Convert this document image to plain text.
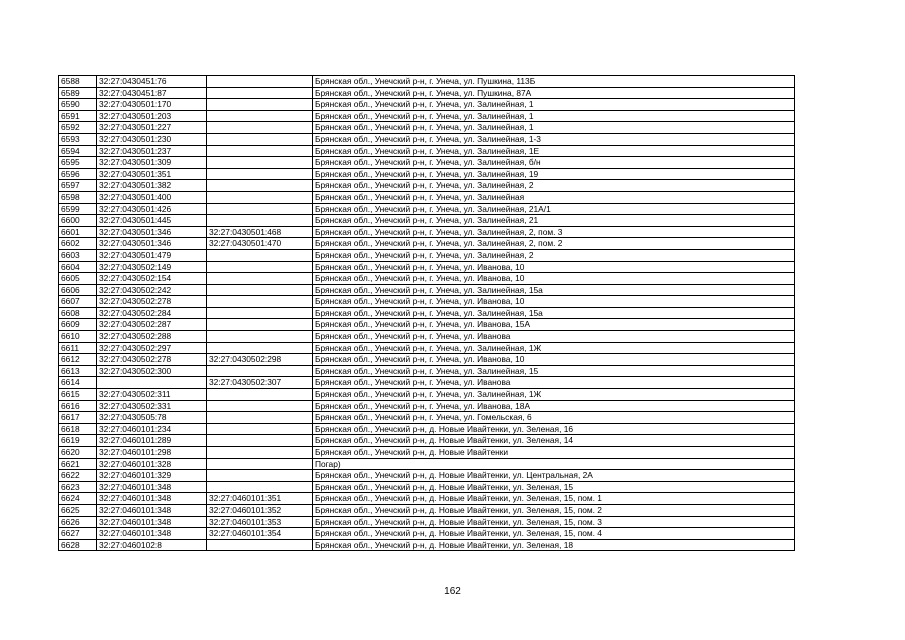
6588	32:27:0430451:76		Брянская обл., Унечский р-н, г. Унеча, ул. Пушкина, 113Б
6589	32:27:0430451:87		Брянская обл., Унечский р-н, г. Унеча, ул. Пушкина, 87А
6590	32:27:0430501:170		Брянская обл., Унечский р-н, г. Унеча, ул. Залинейная, 1
6591	32:27:0430501:203		Брянская обл., Унечский р-н, г. Унеча, ул. Залинейная, 1
6592	32:27:0430501:227		Брянская обл., Унечский р-н, г. Унеча, ул. Залинейная, 1
6593	32:27:0430501:230		Брянская обл., Унечский р-н, г. Унеча, ул. Залинейная, 1-3
6594	32:27:0430501:237		Брянская обл., Унечский р-н, г. Унеча, ул. Залинейная, 1Е
6595	32:27:0430501:309		Брянская обл., Унечский р-н, г. Унеча, ул. Залинейная, б/н
6596	32:27:0430501:351		Брянская обл., Унечский р-н, г. Унеча, ул. Залинейная, 19
6597	32:27:0430501:382		Брянская обл., Унечский р-н, г. Унеча, ул. Залинейная, 2
6598	32:27:0430501:400		Брянская обл., Унечский р-н, г. Унеча, ул. Залинейная
6599	32:27:0430501:426		Брянская обл., Унечский р-н, г. Унеча, ул. Залинейная, 21А/1
6600	32:27:0430501:445		Брянская обл., Унечский р-н, г. Унеча, ул. Залинейная, 21
6601	32:27:0430501:346	32:27:0430501:468	Брянская обл., Унечский р-н, г. Унеча, ул. Залинейная, 2, пом. 3
6602	32:27:0430501:346	32:27:0430501:470	Брянская обл., Унечский р-н, г. Унеча, ул. Залинейная, 2, пом. 2
6603	32:27:0430501:479		Брянская обл., Унечский р-н, г. Унеча, ул. Залинейная, 2
6604	32:27:0430502:149		Брянская обл., Унечский р-н, г. Унеча, ул. Иванова, 10
6605	32:27:0430502:154		Брянская обл., Унечский р-н, г. Унеча, ул. Иванова, 10
6606	32:27:0430502:242		Брянская обл., Унечский р-н, г. Унеча, ул. Залинейная, 15а
6607	32:27:0430502:278		Брянская обл., Унечский р-н, г. Унеча, ул. Иванова, 10
6608	32:27:0430502:284		Брянская обл., Унечский р-н, г. Унеча, ул. Залинейная, 15а
6609	32:27:0430502:287		Брянская обл., Унечский р-н, г. Унеча, ул. Иванова, 15А
6610	32:27:0430502:288		Брянская обл., Унечский р-н, г. Унеча, ул. Иванова
6611	32:27:0430502:297		Брянская обл., Унечский р-н, г. Унеча, ул. Залинейная, 1Ж
6612	32:27:0430502:278	32:27:0430502:298	Брянская обл., Унечский р-н, г. Унеча, ул. Иванова, 10
6613	32:27:0430502:300		Брянская обл., Унечский р-н, г. Унеча, ул. Залинейная, 15
6614		32:27:0430502:307	Брянская обл., Унечский р-н, г. Унеча, ул. Иванова
6615	32:27:0430502:311		Брянская обл., Унечский р-н, г. Унеча, ул. Залинейная, 1Ж
6616	32:27:0430502:331		Брянская обл., Унечский р-н, г. Унеча, ул. Иванова, 18А
6617	32:27:0430505:78		Брянская обл., Унечский р-н, г. Унеча, ул. Гомельская, 6
6618	32:27:0460101:234		Брянская обл., Унечский р-н, д. Новые Ивайтенки, ул. Зеленая, 16
6619	32:27:0460101:289		Брянская обл., Унечский р-н, д. Новые Ивайтенки, ул. Зеленая, 14
6620	32:27:0460101:298		Брянская обл., Унечский р-н, д. Новые Ивайтенки
6621	32:27:0460101:328		Погар)
6622	32:27:0460101:329		Брянская обл., Унечский р-н, д. Новые Ивайтенки, ул. Центральная, 2А
6623	32:27:0460101:348		Брянская обл., Унечский р-н, д. Новые Ивайтенки, ул. Зеленая, 15
6624	32:27:0460101:348	32:27:0460101:351	Брянская обл., Унечский р-н, д. Новые Ивайтенки, ул. Зеленая, 15, пом. 1
6625	32:27:0460101:348	32:27:0460101:352	Брянская обл., Унечский р-н, д. Новые Ивайтенки, ул. Зеленая, 15, пом. 2
6626	32:27:0460101:348	32:27:0460101:353	Брянская обл., Унечский р-н, д. Новые Ивайтенки, ул. Зеленая, 15, пом. 3
6627	32:27:0460101:348	32:27:0460101:354	Брянская обл., Унечский р-н, д. Новые Ивайтенки, ул. Зеленая, 15, пом. 4
6628	32:27:0460102:8		Брянская обл., Унечский р-н, д. Новые Ивайтенки, ул. Зеленая, 18
162
